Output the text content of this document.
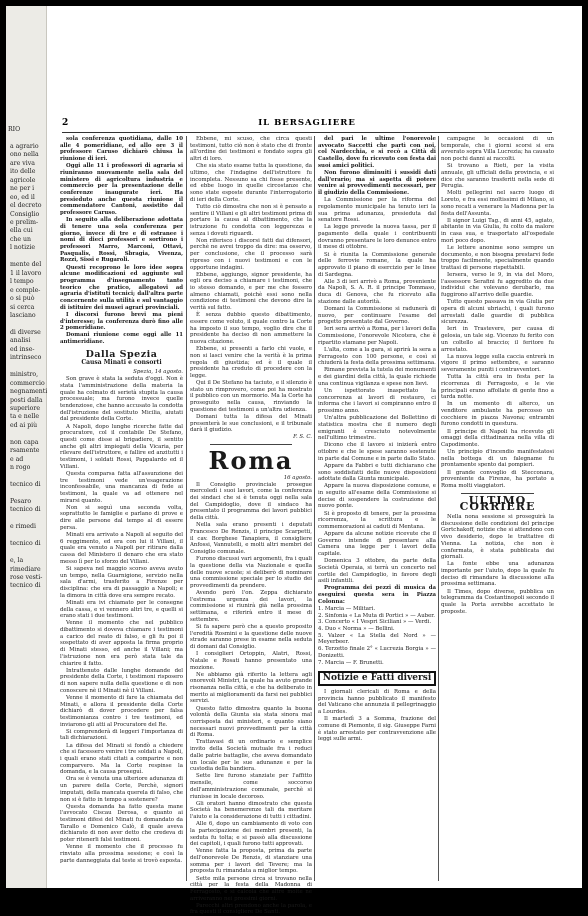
RIO

a agrario
ono nella
are viva
ito delle
agricole
ne per i
eo, ed il
el decreto
Consiglio
e prelim-
ella cui
che un
l notizie

mente del
1 il lavoro
l tempo
e comple-
o si può
si cerca
lasciano

di diverse
analisi
ed inse-
intrinseco

ministro,
commercio
negnamenti
posti dalla
superiore
ta e nelle
ed ai più

non capa
rsamente
e ad
n rogo

tecnico di

Pesaro
tecnico di

e rimedi

tecnico di

e, la
rimediare
rose vesti-
tecnico di
2	IL BERSAGLIERE

sola conferenza quotidiana, dalle 10 alle 4 pomeridiane, ed allo ore 3 il professore Caruso dichiarò chiusa la riunione di ieri.

Oggi alle 11 i professori di agraria si riuniranno nuovamente nella sala del ministero di agricoltura industria e commercio per la presentazione delle conferenze inaugurate ieri. Ha presieduto anche questa riunione il commendatore Cantoni, assistito dal professore Caruso.

In seguito alla deliberazione adottata di tenere una sola conferenza per giorno, invece di tre e di estranee i nomi di dieci professori e sortirono i professori Marro, Marconi, Ottavi, Pasqualis, Rossi, Sbragia, Vivenza, Rozzi, Sissi e Rugaroli.

Questi recoprono le loro idee sopra alcune modificazioni ed aggiunte sul programma d'insegnamento tanto teorico che pratico, allegatovi ad agraria d'istituti tecnici; dall'altra parte concernente sulla utilità e sul vantaggio di istituire dei musei agrari provinciali.

I discorsi furono brevi ma pieni d'interesse; la conferenza durò fino alle 2 pomeridiane.

Domani riunione come oggi alle 11 antimeridiane.

Dalla Spezia
Causa Minati e consorti

Spezia, 14 agosto.

Son grave è stata la seduta d'oggi. Non è stata l'amministrazione della materia la quale ha colmato di serietà stupita la causa processuale; ma furono invece quelle tendenziose, che hanno accusato la condotta dell'istruzione del sostituto Micilia, aiutati dal presidente della Corte.

A Napoli, dopo lunghe ricerche fatte dal procuratore, col il contabile De Stefano, questi come disse al brigadiere, il sentito anche gli altri impiegati della Vicaria, per rilevare dell'istruttore, e fallire ed anzitutti i testimoni, i soldati Rossi, Pappalardo ed il Villani.

Questa comparsa fatta all'assunzione dei tre testimoni vede un'esagerazione inconfessabile, una mancanza di fede ai testimoni, la quale va ad ottenere nel mirarsi quanto.

Non si seguì una seconda volta, soprattutto le famiglie e parlano di prove e dire alle persone dal tempo al di essere persa.

Minati era arrivato a Napoli al seguito del 6 reggimento, ed era con lui il Villani, il quale era venuto a Napoli per ritirare dalla cassa del Ministero il denaro che era stato messo lì per lo sforzo del Villani.

Si sapeva nel maggio scorso aveva avuto un tempo, nella Guarnigione, servizio nella sala d'armi, trasferito a Firenze per disciplina: che era di passaggio a Napoli; e la dimora in città dove era sempre recato.

Minati era ivi chiamato per le consegne della cassa, e vi vennero altri tre, e quelli si erano stati i due testimoni.

Venne il momento che nel pubblico dibattimento si doveva chiamare i testimoni a carico del reato di falso, e gli fu poi il sospettato di aver apposta la firma proprio di Minati stesso, ed anche il Villani; ma l'istruzione non era però stata tale da chiarire il fatto.

Intrattenuto dalle lunghe domande del presidente della Corte, i testimoni risposero di non sapere nulla della questione e di non conoscere nè il Minati nè il Villani.

Venne il momento di fare la chiamata del Minati, e allora il presidente della Corte dichiarò di dover procedere per falsa testimonianza contro i tre testimoni, ed inviarono gli atti al Procuratore del Re.

Si comprenderà di leggeri l'importanza di tali dichiarazioni.

La difesa del Minati si fondò a chiedere che si facessero venire i tre soldati a Napoli, i quali erano stati citati a comparire e non comparvero. Ma la Corte respinse la domanda, e la causa proseguì.

Ora se è venuta una ulteriore adunanza di un parere della Corte, Perchè, signori imputati, della mancata querela di falso, che non si è fatto in tempo a sostenere?

Questa domanda ha fatto questa mane l'avvocato Ciscau Derosa, e quanto ai testimoni difesi del Minati fu domandato da Tarallo e Domenico Calò, il quale aveva dichiarato di non aver detto che credeva di poter ritenerli falsi testimoni.

Venne il momento che il processo fu rinviato alla prossima sessione; e così la parte danneggiata dal teste si trovò esposta.

Ebbene, mi scuso, che circa questi testimoni, tutto ciò non è stato che di fronte all'ordine dei testimoni e fondato sopra gli altri di loro.

Che sia stato esame tutta la questione, da ultimo, che l'indagine dell'istruttore fu incompleta. Nessuno sa chi fosse presente, ed ebbe luogo in quelle circostanze che sono state esposte durante l'interrogatorio di ieri della Corte.

Tutto ciò dimostra che non si è pensato a sentire il Villani e gli altri testimoni prima di portare la causa al dibattimento, che la istruzione fu condotta con leggerezza e senza i dovuti riguardi.

Non riferisco i discorsi fatti dai difensori, perchè ne avrei troppo da dire: ma osservo, per conclusione, che il processo sarà ripreso con i nuovi testimoni e con le opportune indagini.

Ebbene, aggiungo, signor presidente, ha egli ora deciso a chiamare i testimoni, che io stesso domando, e per me che fossero almeno chiamati, poichè essi sono nella condizione di testimoni che devono dire la verità sul fatto.

È senza dubbio questo dibattimento, essere come voluto, il quale contro la Corte ha imposto il suo tempo, voglio dire che il presidente ha deciso di non ammettere la nuova citazione.

Ebbene, si presenti a farlo chi vuole, e non si lasci venire che la verità è la prima regola di giustizia; ed è il quale il presidente ha creduto di procedere con la legge.

Qui il De Stefano ha taciuto, e il silenzio è stato un rimprovero, come poi ha mostrato il pubblico con un mormorio. Ma la Corte ha proseguito nella causa, rinviando la questione dei testimoni a un'altra udienza.

Domani tutta la difesa del Minati presenterà le sue conclusioni, e il tribunale darà il giudizio.

F. S. C.

Roma

16 agosto.

Il Consiglio provinciale prosegue mercoledì i suoi lavori, come la conferenza dei sindaci che si è tenuta oggi nella sala del Campidoglio, dove il sindaco ha presentato il programma dei lavori pubblici della città.

Nella sala erano presenti i deputati Francesco De Renzis, il principe Scarpetti, il cav. Borghese Tanapiera, il consigliere Anfossi, Vannutelli, e molti altri membri del Consiglio comunale.

Furono discussi vari argomenti, fra i quali la questione della via Nazionale e quella delle nuove scuole; si deliberò di nominare una commissione speciale per lo studio dei provvedimenti da prendere.

Avendo però l'on. Zeppa dichiarato l'estrema urgenza dei lavori, la commissione si riunirà già nella prossima settimana, e riferirà entro il mese di settembre.

Si fa sapere però che a questo proposito l'eredità Rosmini e la questione delle nuove strade saranno prese in esame nella seduta di domani dal Consiglio.

I consiglieri Ortoppin, Alatri, Rossi, Natale e Rosati hanno presentato una mozione.

Ne abbiamo già riferito la lettera agli onorevoli Ministri, la quale ha avuto grande risonanza nella città, e che ha deliberato in merito ai miglioramenti da farsi nei pubblici servizi.

Questo fatto dimostra quanto la buona volontà della Giunta sia stata sinora mal corrisposta dai ministeri, e quanto siano necessari nuovi provvedimenti per la città di Roma.

Trattavasi di un ordinario e semplice invito della Società mutuale fra i reduci dalle patrie battaglie, che aveva domandato un locale per le sue adunanze e per la custodia della bandiera.

Sette lire furono stanziate per l'affitto mensile, come soccorso dell'amministrazione comunale, perchè si riunisse in locale decoroso.

Gli oratori hanno dimostrato che questa Società ha benemerenze tali da meritare l'aiuto e la considerazione di tutti i cittadini.

Alle 6, dopo un cambiamento di voto con la partecipazione dei membri presenti, la seduta fu tolta; e si passò alla discussione dei capitoli, i quali furono tutti approvati.

Venne fatta la proposta, prima da parte dell'onorevole De Renzis, di stanziare una somma per i lavori del Tevere; ma la proposta fu rimandata a miglior tempo.

Sette mila persone circa si trovano nella città per la festa della Madonna di Ferragosto, e si calcola che altre molte ne arriveranno nei prossimi giorni.

Parecchi altri prendono anche la parola, e fra questi il consigliere De Santi.

del pari le ultime l'onorevole avvocato Saccetti che partì con noi, col Nardecchia, e si recò a Città di Castello, dove fu ricevuto con festa dai suoi amici politici.

Non furono diminuiti i sussidi dati dall'erario; ma si aspetta di potere venire ai provvedimenti necessari, per il giudizio della Commissione.

La Commissione per la riforma del regolamento municipale ha tenuto ieri la sua prima adunanza, presieduta dal senatore Rossi.

La legge prevede la nuova tassa, per il pagamento della quale i contribuenti dovranno presentare le loro denunce entro il mese di ottobre.

Si è riunita la Commissione generale delle ferrovie romane, la quale ha approvato il piano di esercizio per le linee di Sardegna.

Alle 3 di ieri arrivò a Roma, proveniente da Napoli, S. A. R. il principe Tommaso, duca di Genova, che fu ricevuto alla stazione dalle autorità.

Domani la Commissione si radunerà di nuovo, per continuare l'esame del progetto presentato dal Governo.

Ieri sera arrivò a Roma, per i lavori della Commissione, l'onorevole Nicotera, che è ripartito stamane per Napoli.

L'alta, come a la gara, si aprirà la sera a Ferragosto con 100 persone, e così si chiuderà la festa della prossima settimana.

Rimane prevista la tutela dei monumenti e dei giardini della città, la quale richiede una continua vigilanza e spese non lievi.

Un ispettorato inaspettato la concorrenza ai lavori di restauro, ci informa che i lavori si compiranno entro il prossimo anno.

Un'altra pubblicazione del Bollettino di statistica mostra che il numero degli emigranti è cresciuto notevolmente nell'ultimo trimestre.

Dicono che il lavoro si inizierà entro ottobre e che le spese saranno sostenute in parte dal Comune e in parte dallo Stato.

Appare da Fabbri e tutti dichiarano che sono soddisfatti delle nuove disposizioni adottate dalla Giunta municipale.

Appare la nuova disposizione comune, e in seguito all'esame della Commissione si decise di sospendere la costruzione del nuovo ponte.

Si è proposto di tenere, per la prossima ricorrenza, la scrittura e le commemorazioni ai caduti di Mentana.

Appare da alcune notizie ricevute che il Governo intende di presentare alla Camera una legge per i lavori della capitale.

Domenica 3 ottobre, da parte della Società Operaia, si terrà un concerto nel cortile del Campidoglio, in favore degli asili infantili.

Programma dei pezzi di musica da eseguirsi questa sera in Piazza Colonna:

1. Marcia — Militari.
2. Sinfonia « La Muta di Portici » — Auber.
3. Concerto « I Vespri Siciliani » — Verdi.
4. Duo « Norma » — Bellini.
5. Valzer « La Stella del Nord » — Meyerbeer.
6. Terzetto finale 2° « Lucrezia Borgia » — Donizetti.
7. Marcia — F. Brunetti.

Notizie e Fatti diversi

I giornali clericali di Roma e della provincia hanno pubblicato il manifesto del Vaticano che annunzia il pellegrinaggio a Lourdes.

Il martedì 3 a Somma, frazione del comune di Piemonte, il sig. Giuseppe Farni è stato arrestato per contravvenzione alle leggi sulle armi.

campagne le occasioni di un temporale, che i giorni scorsi si era avverato sopra Villa Lucrezia; ha causato non pochi danni ai raccolti.

Si trovano a Rieti, per la visita annuale, gli ufficiali della provincia, e si dice che saranno trasferiti nella sede di Perugia.

Molti pellegrini nel sacro luogo di Loreto, e fra essi moltissimi di Milano, si sono recati a venerare la Madonna per la festa dell'Assunta.

Il signor Luigi Tag., di anni 45, agiato, abitante in via Giulia, fu colto da malore in casa sua, e trasportato all'ospedale morì poco dopo.

Le lettere anonime sono sempre un documento, e non bisogna prestarvi fede troppo facilmente, specialmente quando trattasi di persone rispettabili.

Iersera, verso le 9, in via del Moro, l'assessore Serafini fu aggredito da due individui che volevano derubarlo, ma fuggirono all'arrivo delle guardie.

Tutto questo passava in via Giulia per opera di alcuni ubriachi, i quali furono arrestati dalle guardie di pubblica sicurezza.

Ieri in Trastevere, per causa di gelosia, un tale sig. Vicenzo fu ferito con un coltello al braccio; il feritore fu arrestato.

La nuova legge sulla caccia entrerà in vigore il primo settembre, e saranno severamente puniti i contravventori.

Tutta la città era in festa per la ricorrenza di Ferragosto, e le vie principali erano affollate di gente fino a tarda notte.

In un momento di alterco, un venditore ambulante ha percosso un cocchiere in piazza Navona; entrambi furono condotti in questura.

Il principe di Napoli ha ricevuto gli omaggi della cittadinanza nella villa di Capodimonte.

Un principio d'incendio manifestatosi nella bottega di un falegname fu prontamente spento dai pompieri.

Il grande convoglio di Stecconara, proveniente da Firenze, ha portato a Roma molti viaggiatori.

ULTIMO CORRIERE

Nella nona sessione si proseguirà la discussione delle condizioni del principe Gortchakoff, notizie che si attendono con vivo desiderio, dopo le trattative di Vienna. La notizia, che non è confermata, è stata pubblicata dai giornali.

La fonte ebbe una adunanza importante per l'aiuto, dopo la quale fu deciso di rimandare la discussione alla prossima settimana.

Il Times, dopo diverse, pubblica un telegramma da Costantinopoli secondo il quale la Porta avrebbe accettato le proposte.
